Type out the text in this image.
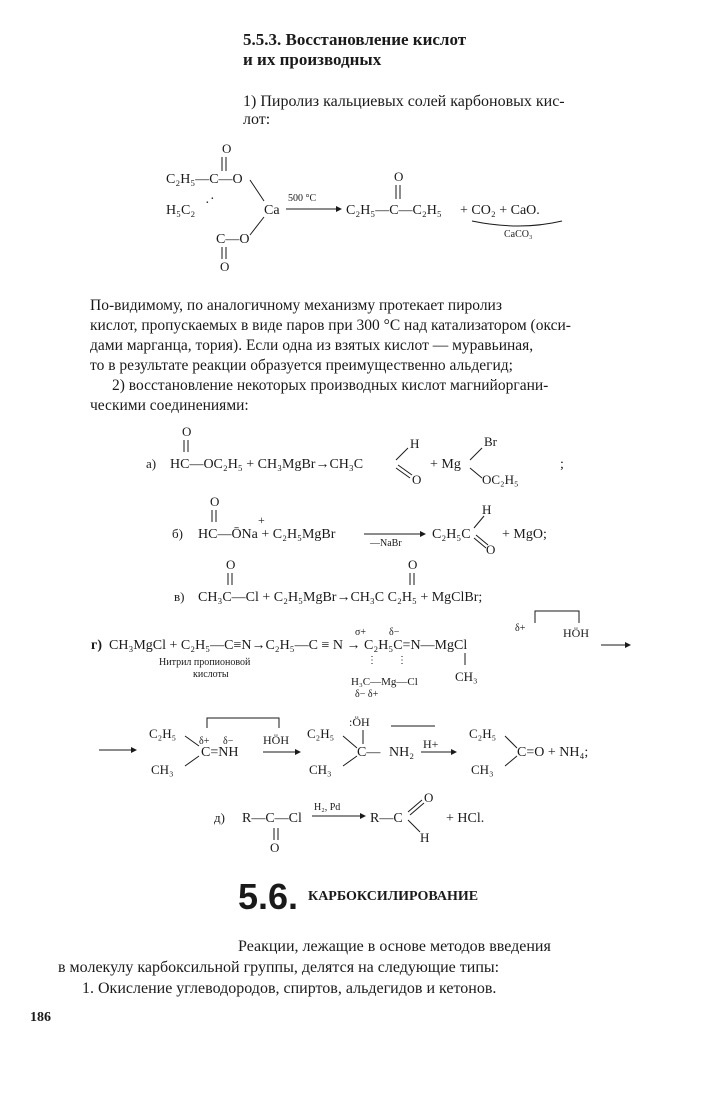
5.5.3. Восстановление кислот
и их производных
1) Пиролиз кальциевых солей карбоновых кис-
лот:
O
C₂H₅—C—O
H₅C₂ · ·
Ca
C—O
O
500 °C
O
C₂H₅—C—C₂H₅ + CO₂ + CaO.
CaCO₃
По-видимому, по аналогичному механизму протекает пиролиз
кислот, пропускаемых в виде паров при 300 °С над катализатором (окси-
дами марганца, тория). Если одна из взятых кислот — муравьиная,
то в результате реакции образуется преимущественно альдегид;
2) восстановление некоторых производных кислот магнийоргани-
ческими соединениями:
а)
O
HC—OC₂H₅ + CH₃MgBr→CH₃C
H
O
+ Mg
Br
OC₂H₅
;
б)
O
+
HC—ŌNa + C₂H₅MgBr
—NaBr
C₂H₅C
H
O
+ MgO;
O	O
в) CH₃C—Cl + C₂H₅MgBr→CH₃C C₂H₅ + MgClBr;
г)
σ+ δ−	δ+	HÖH
CH₃MgCl + C₂H₅—C≡N→C₂H₅—C ≡ N → C₂H₅C=N—MgCl
Нитрил пропионовой
кислоты
⋮ ⋮
H₃C—Mg—Cl
δ− δ+
CH₃
C₂H₅
CH₃
δ+ δ−
C=NH
HÖH C₂H₅
CH₃
:ÖH
C— NH₂
H+
C₂H₅
CH₃
C=O + NH₄;
д) R—C—Cl
O
H₂, Pd
R—C
O
H
+ HCl.
5.6. КАРБОКСИЛИРОВАНИЕ
Реакции, лежащие в основе методов введения
в молекулу карбоксильной группы, делятся на следующие типы:
1. Окисление углеводородов, спиртов, альдегидов и кетонов.
186
